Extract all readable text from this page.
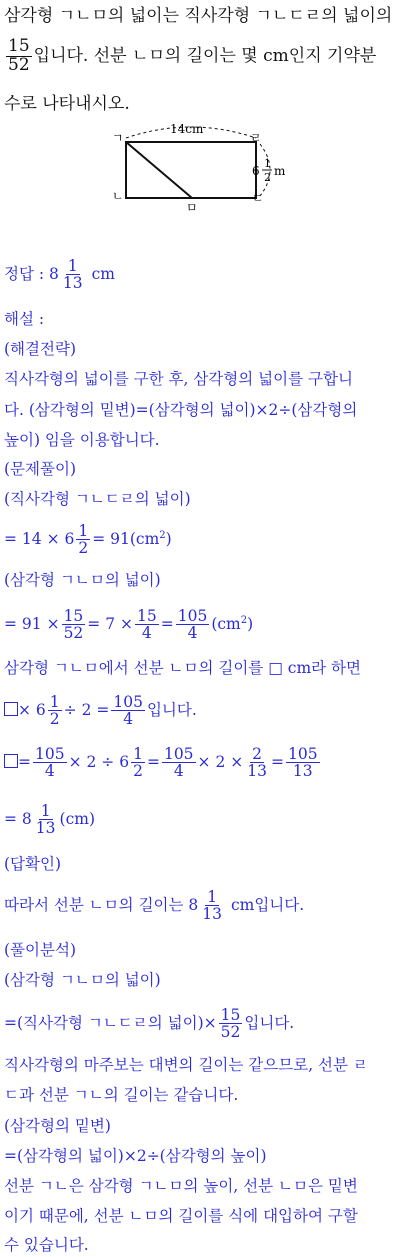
삼각형 ㄱㄴㅁ의 넓이는 직사각형 ㄱㄴㄷㄹ의 넓이의
$\frac{15}{52}$ 입니다. 선분 ㄴㅁ의 길이는 몇 cm인지 기약분
수로 나타내시오.
ㄱ	ㄹ
ㄴ	ㄷ
ㅁ
14cm
6
1
2 m
정답 : $8 \frac{1}{13}$ cm
해설 :
(해결전략)
직사각형의 넓이를 구한 후, 삼각형의 넓이를 구합니
다. (삼각형의 밑변)=(삼각형의 넓이)×2÷(삼각형의
높이) 임을 이용합니다.
(문제풀이)
(직사각형 ㄱㄴㄷㄹ의 넓이)
= $14 \times 6 \frac{1}{2} = 91(cm^2)$
(삼각형 ㄱㄴㅁ의 넓이)
= $91 \times \frac{15}{52} = 7 \times \frac{15}{4} = \frac{105}{4} (cm^2)$
삼각형 ㄱㄴㅁ에서 선분 ㄴㅁ의 길이를 □ cm라 하면
× $6 \frac{1}{2} \div 2 = \frac{105}{4}$ 입니다.
= $\frac{105}{4} \times 2 \div 6 \frac{1}{2} = \frac{105}{4} \times 2 \times \frac{2}{13} = \frac{105}{13}$
= $8 \frac{1}{13} (cm)$
(답확인)
따라서 선분 ㄴㅁ의 길이는 $8 \frac{1}{13}$ cm입니다.
(풀이분석)
(삼각형 ㄱㄴㅁ의 넓이)
=(직사각형 ㄱㄴㄷㄹ의 넓이)× $\frac{15}{52}$ 입니다.
직사각형의 마주보는 대변의 길이는 같으므로, 선분 ㄹ
ㄷ과 선분 ㄱㄴ의 길이는 같습니다.
(삼각형의 밑변)
=(삼각형의 넓이)×2÷(삼각형의 높이)
선분 ㄱㄴ은 삼각형 ㄱㄴㅁ의 높이, 선분 ㄴㅁ은 밑변
이기 때문에, 선분 ㄴㅁ의 길이를 식에 대입하여 구할
수 있습니다.
